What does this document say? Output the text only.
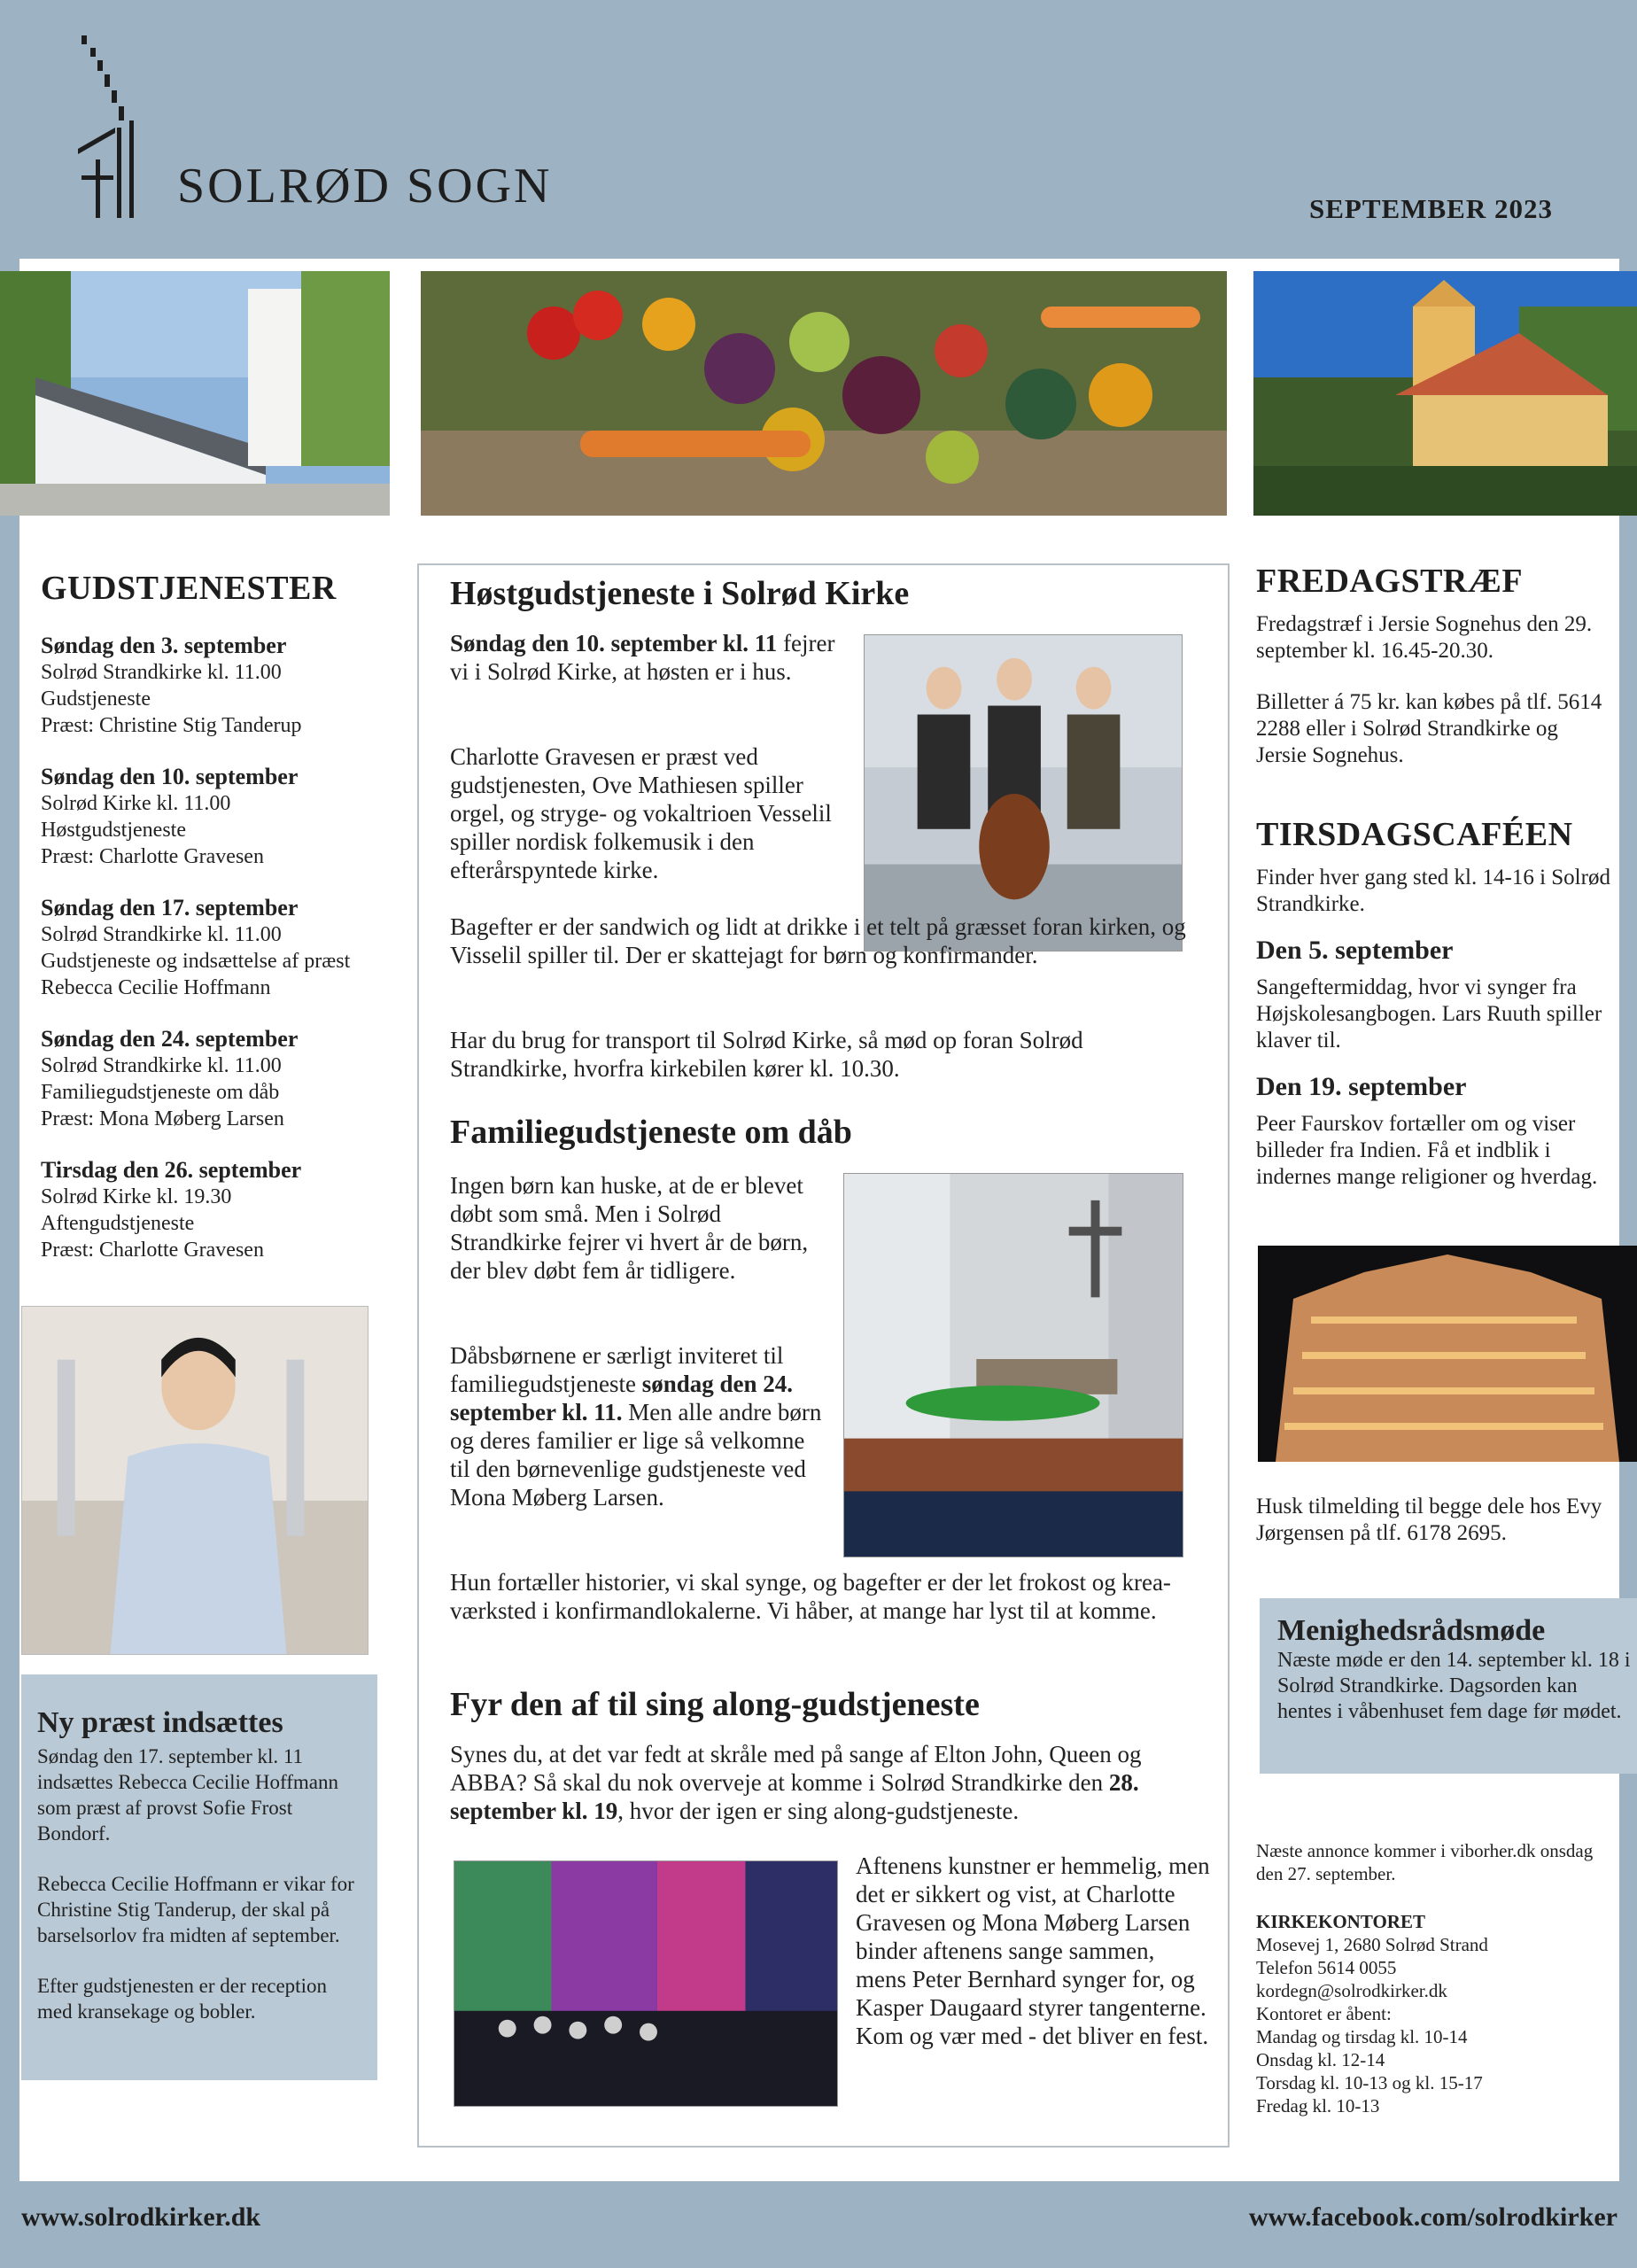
SOLRØD SOGN	SEPTEMBER 2023
GUDSTJENESTER
Søndag den 3. september
Solrød Strandkirke kl. 11.00
Gudstjeneste
Præst: Christine Stig Tanderup
Søndag den 10. september
Solrød Kirke kl. 11.00
Høstgudstjeneste
Præst: Charlotte Gravesen
Søndag den 17. september
Solrød Strandkirke kl. 11.00
Gudstjeneste og indsættelse af præst
Rebecca Cecilie Hoffmann
Søndag den 24. september
Solrød Strandkirke kl. 11.00
Familiegudstjeneste om dåb
Præst: Mona Møberg Larsen
Tirsdag den 26. september
Solrød Kirke kl. 19.30
Aftengudstjeneste
Præst: Charlotte Gravesen
Ny præst indsættes
Søndag den 17. september kl. 11 indsættes Rebecca Cecilie Hoffmann som præst af provst Sofie Frost Bondorf.
Rebecca Cecilie Hoffmann er vikar for Christine Stig Tanderup, der skal på barselsorlov fra midten af september.
Efter gudstjenesten er der reception med kransekage og bobler.
Høstgudstjeneste i Solrød Kirke
Søndag den 10. september kl. 11 fejrer vi i Solrød Kirke, at høsten er i hus.
Charlotte Gravesen er præst ved gudstjenesten, Ove Mathiesen spiller orgel, og stryge- og vokaltrioen Vesselil spiller nordisk folkemusik i den efterårspyntede kirke.
Bagefter er der sandwich og lidt at drikke i et telt på græsset foran kirken, og Visselil spiller til. Der er skattejagt for børn og konfirmander.
Har du brug for transport til Solrød Kirke, så mød op foran Solrød Strandkirke, hvorfra kirkebilen kører kl. 10.30.
Familiegudstjeneste om dåb
Ingen børn kan huske, at de er blevet døbt som små. Men i Solrød Strandkirke fejrer vi hvert år de børn, der blev døbt fem år tidligere.
Dåbsbørnene er særligt inviteret til familiegudstjeneste søndag den 24. september kl. 11. Men alle andre børn og deres familier er lige så velkomne til den børnevenlige gudstjeneste ved Mona Møberg Larsen.
Hun fortæller historier, vi skal synge, og bagefter er der let frokost og krea-værksted i konfirmandlokalerne. Vi håber, at mange har lyst til at komme.
Fyr den af til sing along-gudstjeneste
Synes du, at det var fedt at skråle med på sange af Elton John, Queen og ABBA? Så skal du nok overveje at komme i Solrød Strandkirke den 28. september kl. 19, hvor der igen er sing along-gudstjeneste.
Aftenens kunstner er hemmelig, men det er sikkert og vist, at Charlotte Gravesen og Mona Møberg Larsen binder aftenens sange sammen, mens Peter Bernhard synger for, og Kasper Daugaard styrer tangenterne. Kom og vær med - det bliver en fest.
FREDAGSTRÆF
Fredagstræf i Jersie Sognehus den 29. september kl. 16.45-20.30.
Billetter á 75 kr. kan købes på tlf. 5614 2288 eller i Solrød Strandkirke og Jersie Sognehus.
TIRSDAGSCAFÉEN
Finder hver gang sted kl. 14-16 i Solrød Strandkirke.
Den 5. september
Sangeftermiddag, hvor vi synger fra Højskolesangbogen. Lars Ruuth spiller klaver til.
Den 19. september
Peer Faurskov fortæller om og viser billeder fra Indien. Få et indblik i indernes mange religioner og hverdag.
Husk tilmelding til begge dele hos Evy Jørgensen på tlf. 6178 2695.
Menighedsrådsmøde
Næste møde er den 14. september kl. 18 i Solrød Strandkirke. Dagsorden kan hentes i våbenhuset fem dage før mødet.
Næste annonce kommer i viborher.dk onsdag den 27. september.
KIRKEKONTORET
Mosevej 1, 2680 Solrød Strand
Telefon 5614 0055
kordegn@solrodkirker.dk
Kontoret er åbent:
Mandag og tirsdag kl. 10-14
Onsdag kl. 12-14
Torsdag kl. 10-13 og kl. 15-17
Fredag kl. 10-13
www.solrodkirker.dk	www.facebook.com/solrodkirker
